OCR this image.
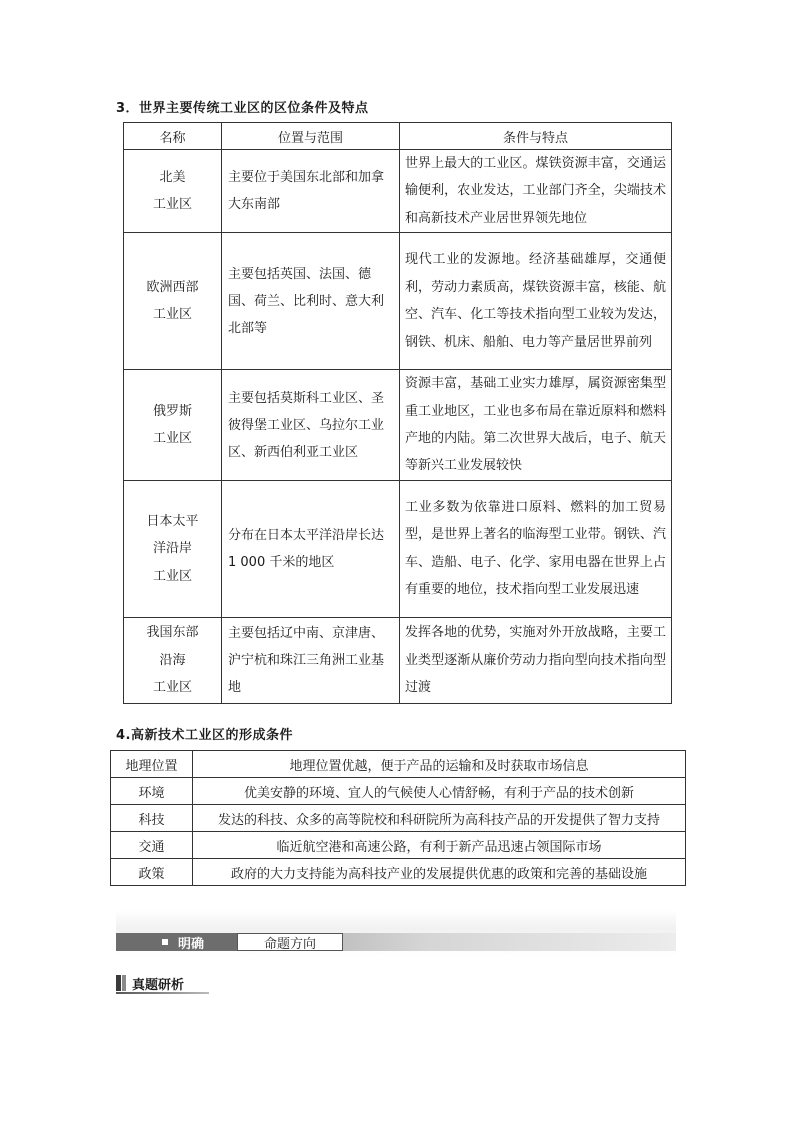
3．世界主要传统工业区的区位条件及特点
名称	位置与范围	条件与特点

北美
工业区	主要位于美国东北部和加拿大东南部	世界上最大的工业区。煤铁资源丰富，交通运输便利，农业发达，工业部门齐全，尖端技术和高新技术产业居世界领先地位

欧洲西部
工业区	主要包括英国、法国、德国、荷兰、比利时、意大利北部等	现代工业的发源地。经济基础雄厚，交通便利，劳动力素质高，煤铁资源丰富，核能、航空、汽车、化工等技术指向型工业较为发达，钢铁、机床、船舶、电力等产量居世界前列

俄罗斯
工业区	主要包括莫斯科工业区、圣彼得堡工业区、乌拉尔工业区、新西伯利亚工业区	资源丰富，基础工业实力雄厚，属资源密集型重工业地区，工业也多布局在靠近原料和燃料产地的内陆。第二次世界大战后，电子、航天等新兴工业发展较快

日本太平
洋沿岸
工业区	分布在日本太平洋沿岸长达 1 000 千米的地区	工业多数为依靠进口原料、燃料的加工贸易型，是世界上著名的临海型工业带。钢铁、汽车、造船、电子、化学、家用电器在世界上占有重要的地位，技术指向型工业发展迅速

我国东部
沿海
工业区	主要包括辽中南、京津唐、沪宁杭和珠江三角洲工业基地	发挥各地的优势，实施对外开放战略，主要工业类型逐渐从廉价劳动力指向型向技术指向型过渡
4.高新技术工业区的形成条件
地理位置	地理位置优越，便于产品的运输和及时获取市场信息
环境	优美安静的环境、宜人的气候使人心情舒畅，有利于产品的技术创新
科技	发达的科技、众多的高等院校和科研院所为高科技产品的开发提供了智力支持
交通	临近航空港和高速公路，有利于新产品迅速占领国际市场
政策	政府的大力支持能为高科技产业的发展提供优惠的政策和完善的基础设施
明确	命题方向
真题研析
